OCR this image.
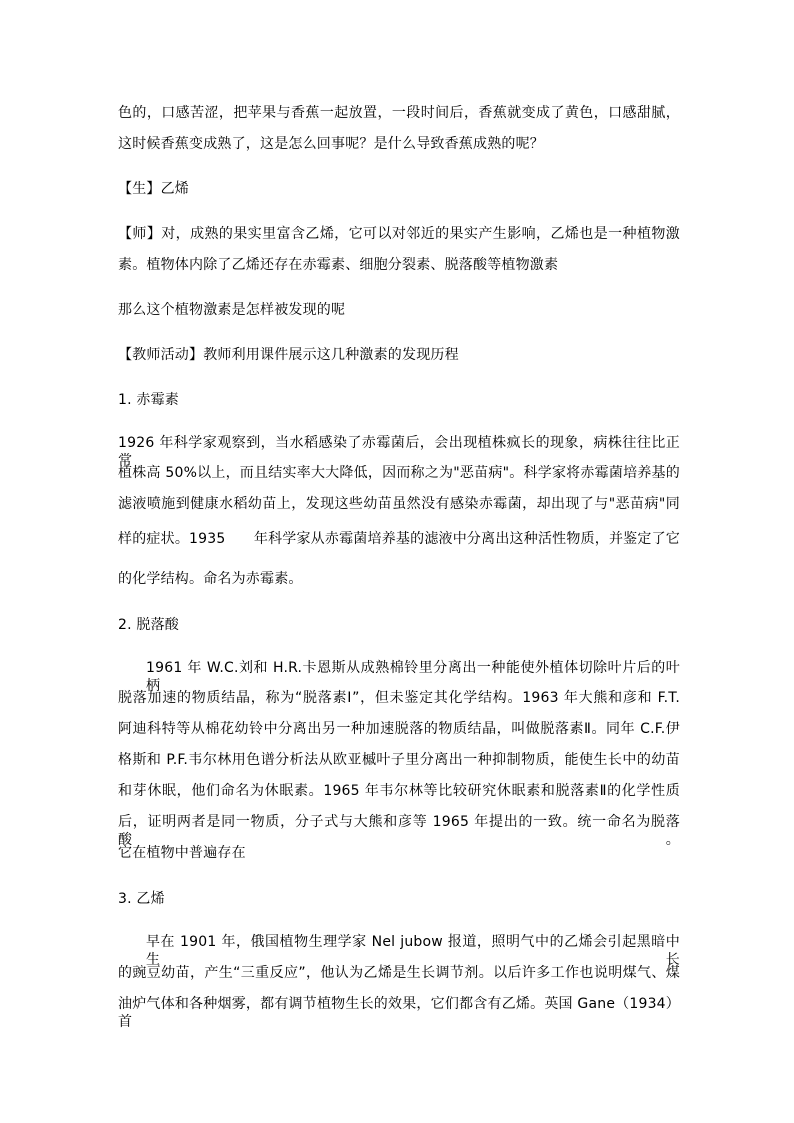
色的，口感苦涩，把苹果与香蕉一起放置，一段时间后，香蕉就变成了黄色，口感甜腻，
这时候香蕉变成熟了，这是怎么回事呢？是什么导致香蕉成熟的呢？
【生】乙烯
【师】对，成熟的果实里富含乙烯，它可以对邻近的果实产生影响，乙烯也是一种植物激
素。植物体内除了乙烯还存在赤霉素、细胞分裂素、脱落酸等植物激素
那么这个植物激素是怎样被发现的呢
【教师活动】教师利用课件展示这几种激素的发现历程
1. 赤霉素
1926 年科学家观察到，当水稻感染了赤霉菌后，会出现植株疯长的现象，病株往往比正常
植株高 50%以上，而且结实率大大降低，因而称之为"恶苗病"。科学家将赤霉菌培养基的
滤液喷施到健康水稻幼苗上，发现这些幼苗虽然没有感染赤霉菌，却出现了与"恶苗病"同
样的症状。1935　　年科学家从赤霉菌培养基的滤液中分离出这种活性物质，并鉴定了它
的化学结构。命名为赤霉素。
2. 脱落酸
1961 年 W.C.刘和 H.R.卡恩斯从成熟棉铃里分离出一种能使外植体切除叶片后的叶柄
脱落加速的物质结晶，称为“脱落素Ⅰ”，但未鉴定其化学结构。1963 年大熊和彦和 F.T.
阿迪科特等从棉花幼铃中分离出另一种加速脱落的物质结晶，叫做脱落素Ⅱ。同年 C.F.伊
格斯和 P.F.韦尔林用色谱分析法从欧亚槭叶子里分离出一种抑制物质，能使生长中的幼苗
和芽休眠，他们命名为休眠素。1965 年韦尔林等比较研究休眠素和脱落素Ⅱ的化学性质
后，证明两者是同一物质，分子式与大熊和彦等 1965 年提出的一致。统一命名为脱落酸。
它在植物中普遍存在
3. 乙烯
早在 1901 年，俄国植物生理学家 Nel jubow 报道，照明气中的乙烯会引起黑暗中生长
的豌豆幼苗，产生“三重反应”，他认为乙烯是生长调节剂。以后许多工作也说明煤气、煤
油炉气体和各种烟雾，都有调节植物生长的效果，它们都含有乙烯。英国 Gane（1934）首
